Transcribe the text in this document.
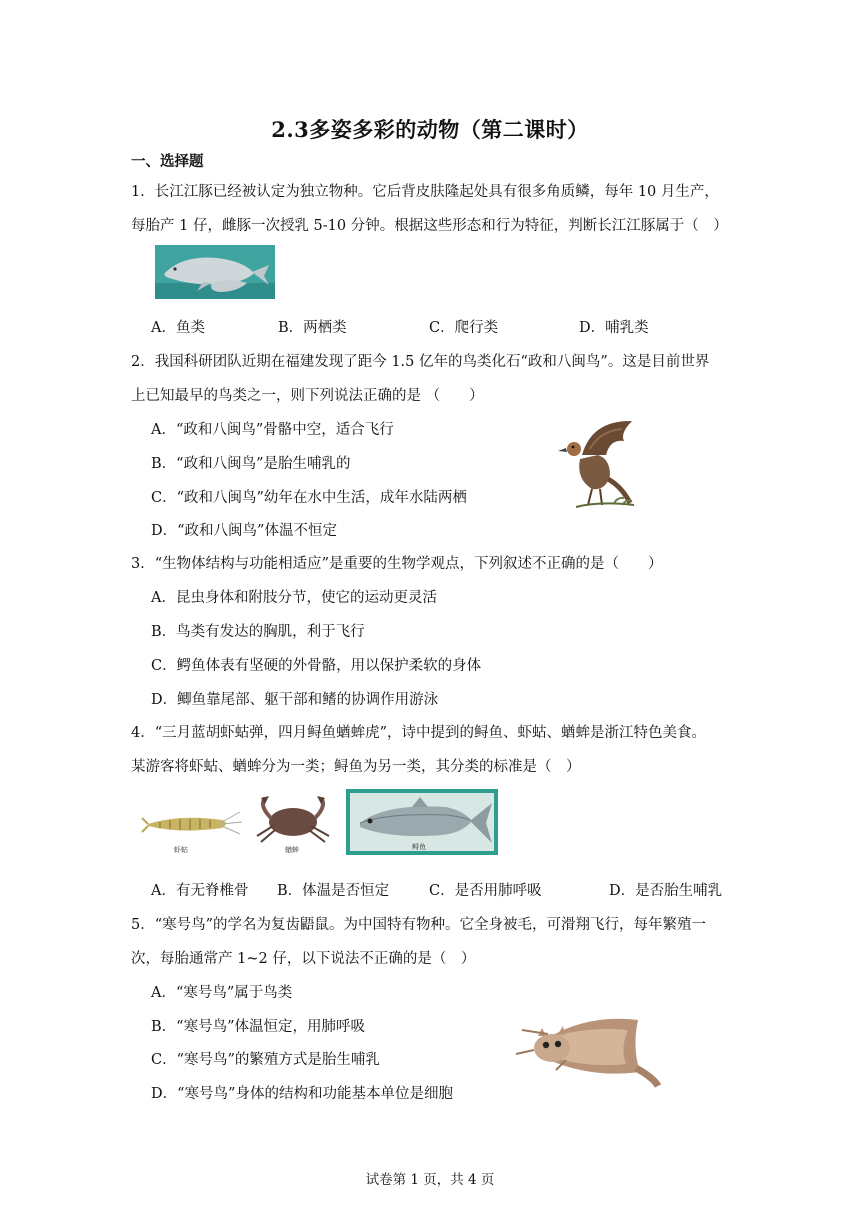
2.3多姿多彩的动物（第二课时）
一、选择题
1．长江江豚已经被认定为独立物种。它后背皮肤隆起处具有很多角质鳞，每年 10 月生产，
每胎产 1 仔，雌豚一次授乳 5-10 分钟。根据这些形态和行为特征，判断长江江豚属于（　）
A．鱼类	B．两栖类	C．爬行类	D．哺乳类
2．我国科研团队近期在福建发现了距今 1.5 亿年的鸟类化石“政和八闽鸟”。这是目前世界
上已知最早的鸟类之一，则下列说法正确的是 （　　）
A．“政和八闽鸟”骨骼中空，适合飞行
B．“政和八闽鸟”是胎生哺乳的
C．“政和八闽鸟”幼年在水中生活，成年水陆两栖
D．“政和八闽鸟”体温不恒定
3．“生物体结构与功能相适应”是重要的生物学观点，下列叙述不正确的是（　　）
A．昆虫身体和附肢分节，使它的运动更灵活
B．鸟类有发达的胸肌，利于飞行
C．鳄鱼体表有坚硬的外骨骼，用以保护柔软的身体
D．鲫鱼靠尾部、躯干部和鳍的协调作用游泳
4．“三月蓝胡虾蛄弹，四月鲟鱼蝤蛑虎”，诗中提到的鲟鱼、虾蛄、蝤蛑是浙江特色美食。
某游客将虾蛄、蝤蛑分为一类；鲟鱼为另一类，其分类的标准是（　）
虾蛄	蝤蛑	鲟鱼
A．有无脊椎骨 B．体温是否恒定	C．是否用肺呼吸	D．是否胎生哺乳
5．“寒号鸟”的学名为复齿鼯鼠。为中国特有物种。它全身被毛，可滑翔飞行，每年繁殖一
次，每胎通常产 1~2 仔，以下说法不正确的是（　）
A．“寒号鸟”属于鸟类
B．“寒号鸟”体温恒定，用肺呼吸
C．“寒号鸟”的繁殖方式是胎生哺乳
D．“寒号鸟”身体的结构和功能基本单位是细胞
试卷第 1 页，共 4 页
